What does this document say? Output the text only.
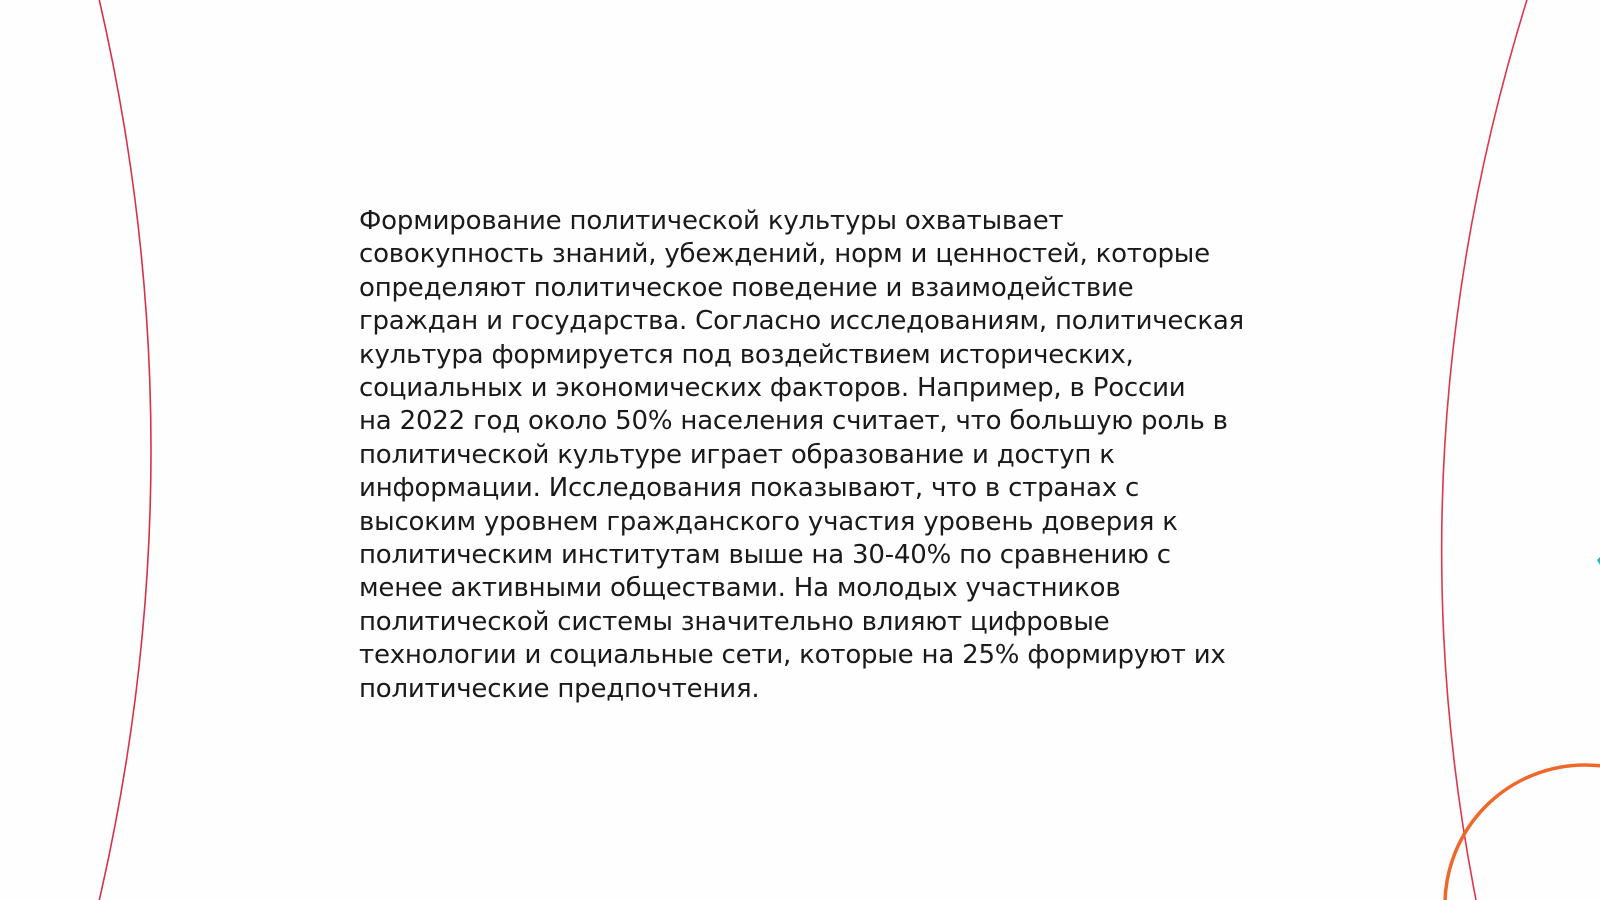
Формирование политической культуры охватывает
совокупность знаний, убеждений, норм и ценностей, которые
определяют политическое поведение и взаимодействие
граждан и государства. Согласно исследованиям, политическая
культура формируется под воздействием исторических,
социальных и экономических факторов. Например, в России
на 2022 год около 50% населения считает, что большую роль в
политической культуре играет образование и доступ к
информации. Исследования показывают, что в странах с
высоким уровнем гражданского участия уровень доверия к
политическим институтам выше на 30-40% по сравнению с
менее активными обществами. На молодых участников
политической системы значительно влияют цифровые
технологии и социальные сети, которые на 25% формируют их
политические предпочтения.
